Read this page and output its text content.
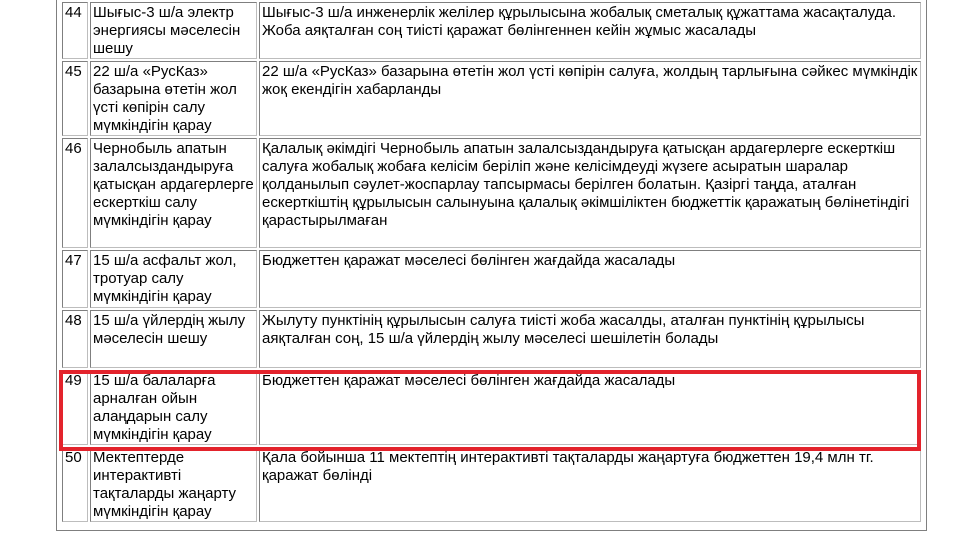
44	Шығыс-3 ш/а электр энергиясы мәселесін шешу	Шығыс-3 ш/а инженерлік желілер құрылысына жобалық сметалық құжаттама жасақталуда. Жоба аяқталған соң тиісті қаражат бөлінгеннен кейін жұмыс жасалады
45	22 ш/а «РусКаз» базарына өтетін жол үсті көпірін салу мүмкіндігін қарау	22 ш/а «РусКаз» базарына өтетін жол үсті көпірін салуға, жолдың тарлығына сәйкес мүмкіндік жоқ екендігін хабарланды
46	Чернобыль апатын залалсыздандыруға қатысқан ардагерлерге ескерткіш салу мүмкіндігін қарау	Қалалық әкімдігі Чернобыль апатын залалсыздандыруға қатысқан ардагерлерге ескерткіш салуға жобалық жобаға келісім беріліп және келісімдеуді жүзеге асыратын шаралар қолданылып сәулет-жоспарлау тапсырмасы берілген болатын. Қазіргі таңда, аталған ескерткіштің құрылысын салынуына қалалық әкімшіліктен бюджеттік қаражатың бөлінетіндігі қарастырылмаған
47	15 ш/а асфальт жол, тротуар салу мүмкіндігін қарау	Бюджеттен қаражат мәселесі бөлінген жағдайда жасалады
48	15 ш/а үйлердің жылу мәселесін шешу	Жылуту пунктінің құрылысын салуға тиісті жоба жасалды, аталған пунктінің құрылысы аяқталған соң, 15 ш/а үйлердің жылу мәселесі шешілетін болады
49	15 ш/а балаларға арналған ойын алаңдарын салу мүмкіндігін қарау	Бюджеттен қаражат мәселесі бөлінген жағдайда жасалады
50	Мектептерде интерактивті тақталарды жаңарту мүмкіндігін қарау	Қала бойынша 11 мектептің интерактивті тақталарды жаңартуға бюджеттен 19,4 млн тг. қаражат бөлінді
